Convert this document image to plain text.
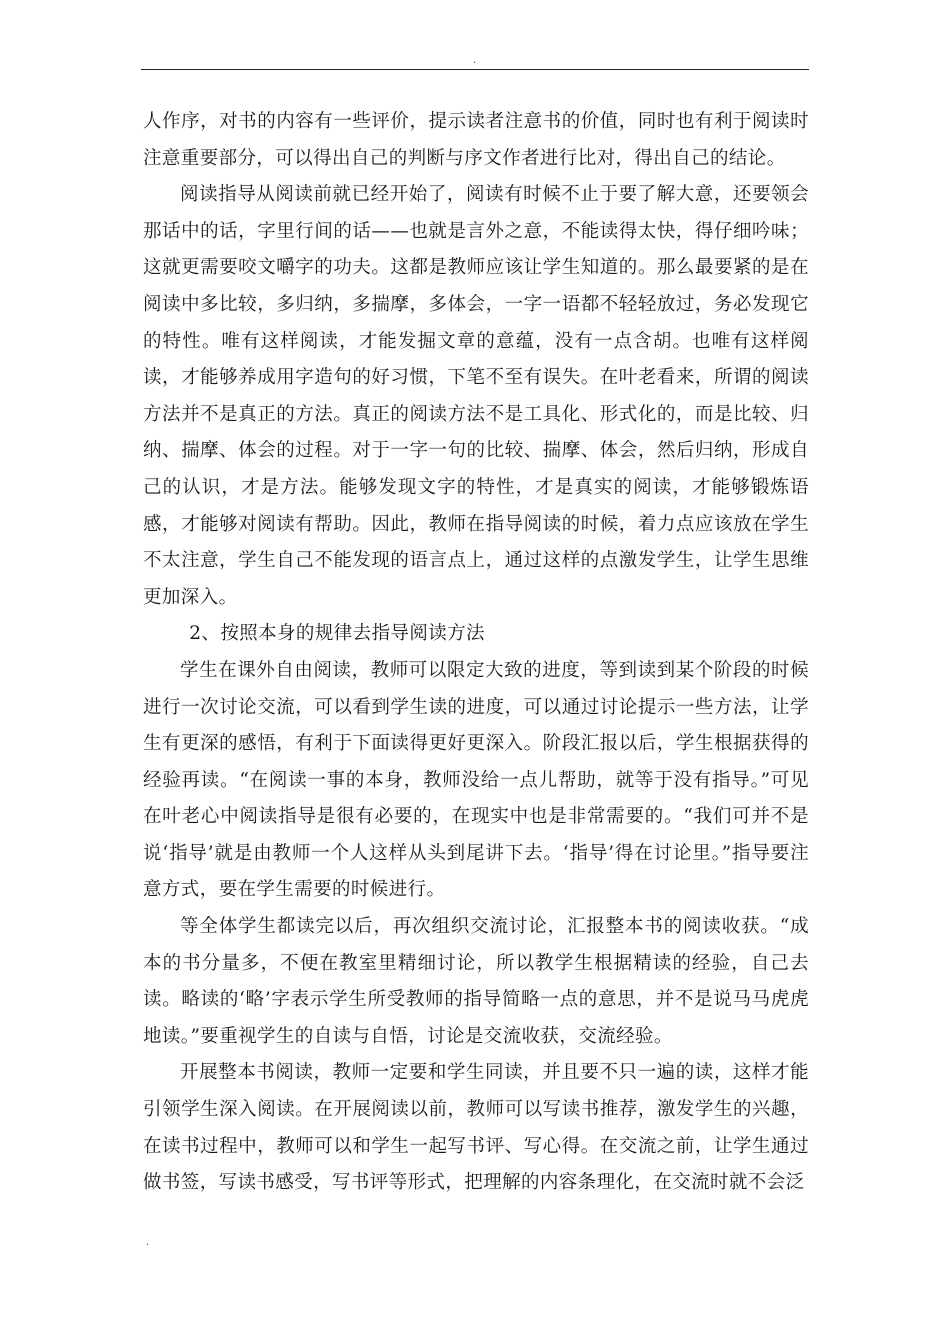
.

人作序，对书的内容有一些评价，提示读者注意书的价值，同时也有利于阅读时注意重要部分，可以得出自己的判断与序文作者进行比对，得出自己的结论。

阅读指导从阅读前就已经开始了，阅读有时候不止于要了解大意，还要领会那话中的话，字里行间的话——也就是言外之意，不能读得太快，得仔细吟味；这就更需要咬文嚼字的功夫。这都是教师应该让学生知道的。那么最要紧的是在阅读中多比较，多归纳，多揣摩，多体会，一字一语都不轻轻放过，务必发现它的特性。唯有这样阅读，才能发掘文章的意蕴，没有一点含胡。也唯有这样阅读，才能够养成用字造句的好习惯，下笔不至有误失。在叶老看来，所谓的阅读方法并不是真正的方法。真正的阅读方法不是工具化、形式化的，而是比较、归纳、揣摩、体会的过程。对于一字一句的比较、揣摩、体会，然后归纳，形成自己的认识，才是方法。能够发现文字的特性，才是真实的阅读，才能够锻炼语感，才能够对阅读有帮助。因此，教师在指导阅读的时候，着力点应该放在学生不太注意，学生自己不能发现的语言点上，通过这样的点激发学生，让学生思维更加深入。

2、按照本身的规律去指导阅读方法

学生在课外自由阅读，教师可以限定大致的进度，等到读到某个阶段的时候进行一次讨论交流，可以看到学生读的进度，可以通过讨论提示一些方法，让学生有更深的感悟，有利于下面读得更好更深入。阶段汇报以后，学生根据获得的经验再读。“在阅读一事的本身，教师没给一点儿帮助，就等于没有指导。”可见在叶老心中阅读指导是很有必要的，在现实中也是非常需要的。“我们可并不是说‘指导’就是由教师一个人这样从头到尾讲下去。‘指导’得在讨论里。”指导要注意方式，要在学生需要的时候进行。

等全体学生都读完以后，再次组织交流讨论，汇报整本书的阅读收获。“成本的书分量多，不便在教室里精细讨论，所以教学生根据精读的经验，自己去读。略读的‘略’字表示学生所受教师的指导简略一点的意思，并不是说马马虎虎地读。”要重视学生的自读与自悟，讨论是交流收获，交流经验。

开展整本书阅读，教师一定要和学生同读，并且要不只一遍的读，这样才能引领学生深入阅读。在开展阅读以前，教师可以写读书推荐，激发学生的兴趣，在读书过程中，教师可以和学生一起写书评、写心得。在交流之前，让学生通过做书签，写读书感受，写书评等形式，把理解的内容条理化，在交流时就不会泛

.
